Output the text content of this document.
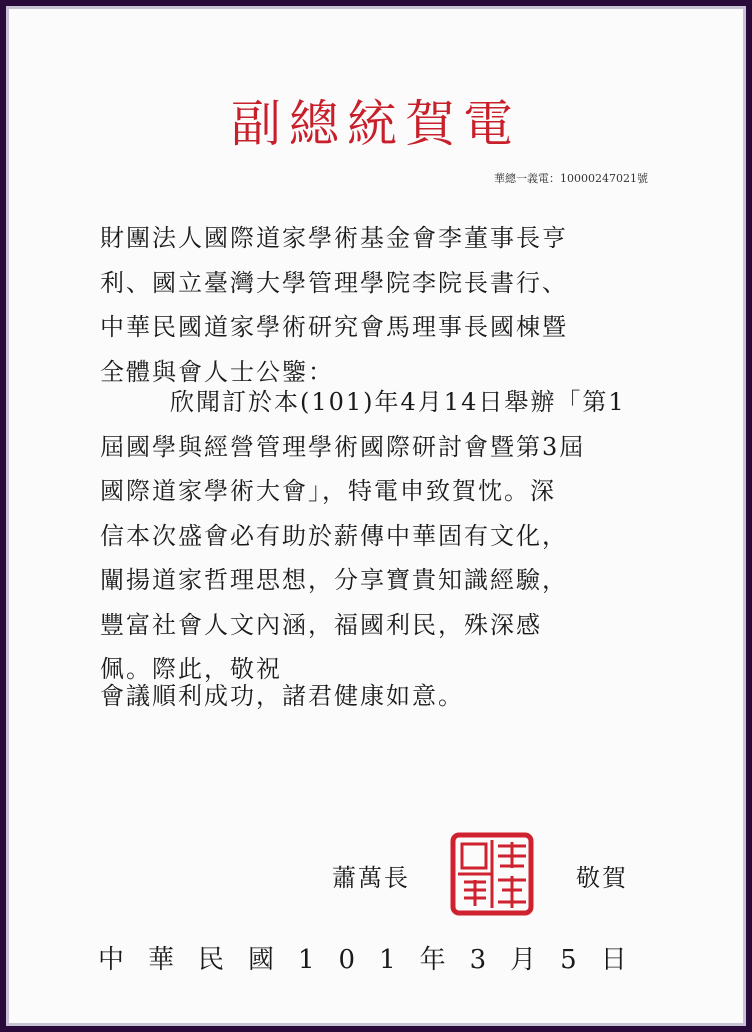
副總統賀電
華總一義電：10000247021號
財團法人國際道家學術基金會李董事長亨
利、國立臺灣大學管理學院李院長書行、
中華民國道家學術研究會馬理事長國棟暨
全體與會人士公鑒：
欣聞訂於本(101)年4月14日舉辦「第1
屆國學與經營管理學術國際研討會暨第3屆
國際道家學術大會」，特電申致賀忱。深
信本次盛會必有助於薪傳中華固有文化，
闡揚道家哲理思想，分享寶貴知識經驗，
豐富社會人文內涵，福國利民，殊深感
佩。際此，敬祝
會議順利成功，諸君健康如意。
蕭萬長	敬賀
中華民國101年3月5日
